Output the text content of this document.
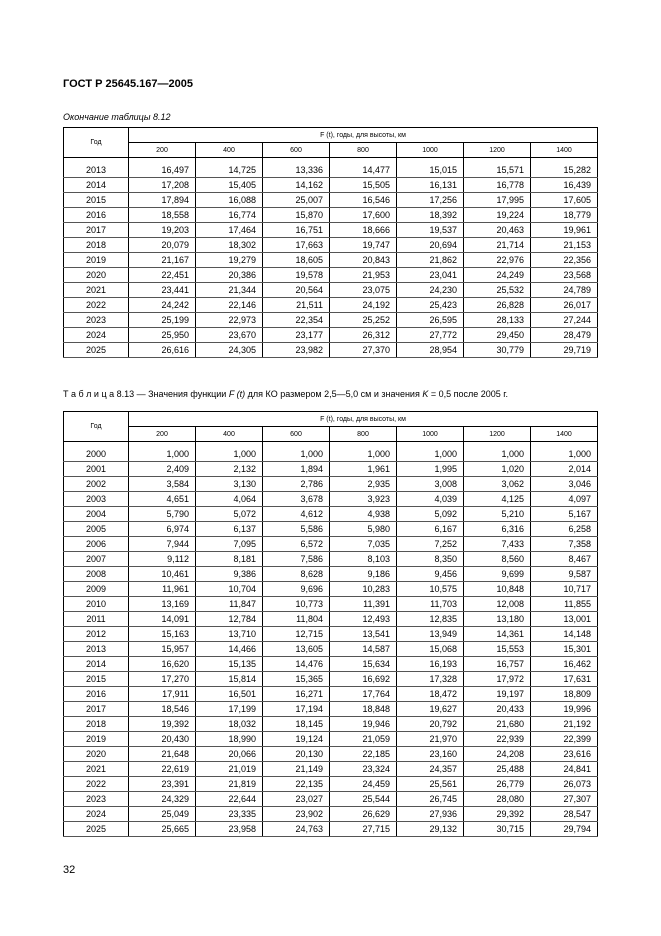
ГОСТ Р 25645.167—2005
Окончание таблицы 8.12
Год	F (t), годы, для высоты, км						
	200	400	600	800	1000	1200	1400

2013	16,497	14,725	13,336	14,477	15,015	15,571	15,282
2014	17,208	15,405	14,162	15,505	16,131	16,778	16,439
2015	17,894	16,088	25,007	16,546	17,256	17,995	17,605
2016	18,558	16,774	15,870	17,600	18,392	19,224	18,779
2017	19,203	17,464	16,751	18,666	19,537	20,463	19,961
2018	20,079	18,302	17,663	19,747	20,694	21,714	21,153
2019	21,167	19,279	18,605	20,843	21,862	22,976	22,356
2020	22,451	20,386	19,578	21,953	23,041	24,249	23,568
2021	23,441	21,344	20,564	23,075	24,230	25,532	24,789
2022	24,242	22,146	21,511	24,192	25,423	26,828	26,017
2023	25,199	22,973	22,354	25,252	26,595	28,133	27,244
2024	25,950	23,670	23,177	26,312	27,772	29,450	28,479
2025	26,616	24,305	23,982	27,370	28,954	30,779	29,719
Т а б л и ц а 8.13 — Значения функции F (t) для КО размером 2,5—5,0 см и значения K = 0,5 после 2005 г.
Год	F (t), годы, для высоты, км						
	200	400	600	800	1000	1200	1400

2000	1,000	1,000	1,000	1,000	1,000	1,000	1,000
2001	2,409	2,132	1,894	1,961	1,995	1,020	2,014
2002	3,584	3,130	2,786	2,935	3,008	3,062	3,046
2003	4,651	4,064	3,678	3,923	4,039	4,125	4,097
2004	5,790	5,072	4,612	4,938	5,092	5,210	5,167
2005	6,974	6,137	5,586	5,980	6,167	6,316	6,258
2006	7,944	7,095	6,572	7,035	7,252	7,433	7,358
2007	9,112	8,181	7,586	8,103	8,350	8,560	8,467
2008	10,461	9,386	8,628	9,186	9,456	9,699	9,587
2009	11,961	10,704	9,696	10,283	10,575	10,848	10,717
2010	13,169	11,847	10,773	11,391	11,703	12,008	11,855
2011	14,091	12,784	11,804	12,493	12,835	13,180	13,001
2012	15,163	13,710	12,715	13,541	13,949	14,361	14,148
2013	15,957	14,466	13,605	14,587	15,068	15,553	15,301
2014	16,620	15,135	14,476	15,634	16,193	16,757	16,462
2015	17,270	15,814	15,365	16,692	17,328	17,972	17,631
2016	17,911	16,501	16,271	17,764	18,472	19,197	18,809
2017	18,546	17,199	17,194	18,848	19,627	20,433	19,996
2018	19,392	18,032	18,145	19,946	20,792	21,680	21,192
2019	20,430	18,990	19,124	21,059	21,970	22,939	22,399
2020	21,648	20,066	20,130	22,185	23,160	24,208	23,616
2021	22,619	21,019	21,149	23,324	24,357	25,488	24,841
2022	23,391	21,819	22,135	24,459	25,561	26,779	26,073
2023	24,329	22,644	23,027	25,544	26,745	28,080	27,307
2024	25,049	23,335	23,902	26,629	27,936	29,392	28,547
2025	25,665	23,958	24,763	27,715	29,132	30,715	29,794
32
